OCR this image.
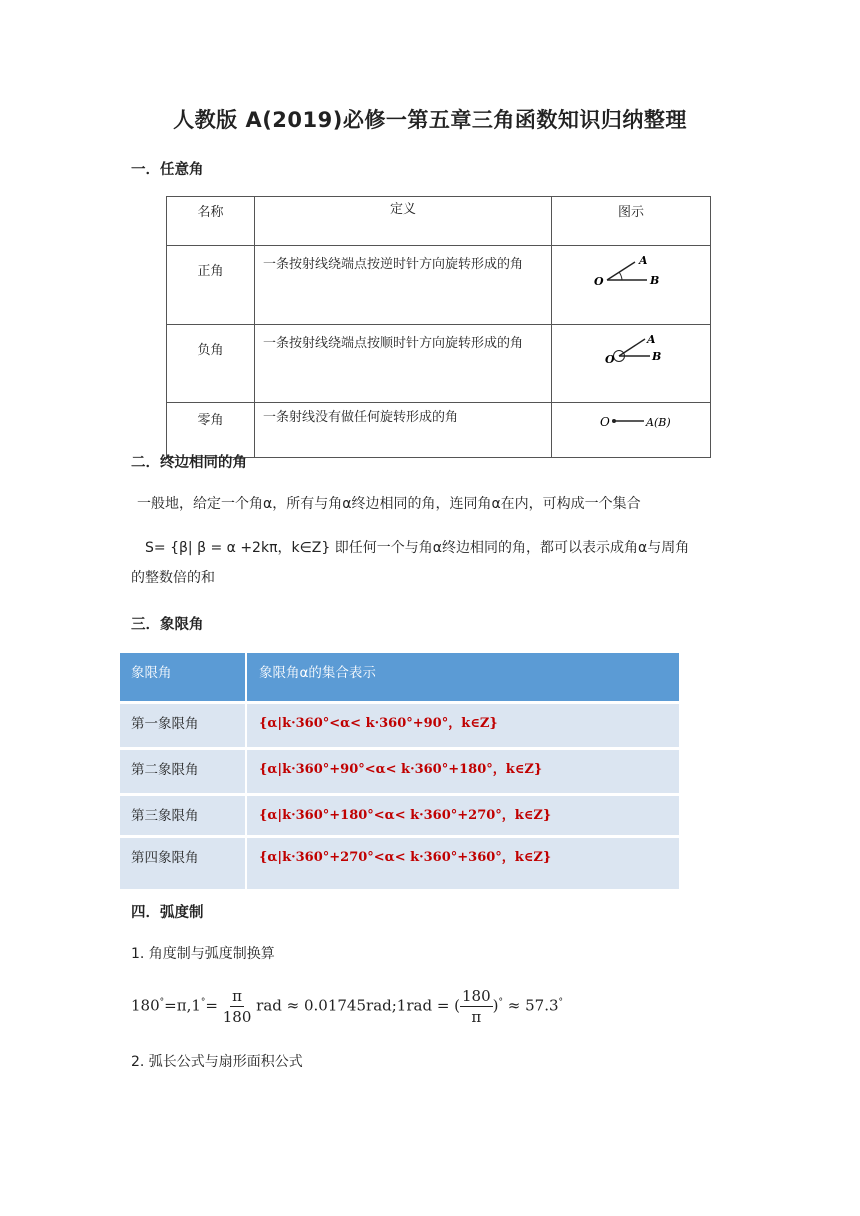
人教版 A(2019)必修一第五章三角函数知识归纳整理
一．任意角
名称	定义	图示
正角	一条按射线绕端点按逆时针方向旋转形成的角	O
A
B

负角	一条按射线绕端点按顺时针方向旋转形成的角	O
A
B

零角	一条射线没有做任何旋转形成的角	O A(B)
二．终边相同的角
一般地，给定一个角α，所有与角α终边相同的角，连同角α在内，可构成一个集合
S= {β| β = α +2kπ，k∈Z} 即任何一个与角α终边相同的角，都可以表示成角α与周角
的整数倍的和
三．象限角
象限角	象限角α的集合表示
第一象限角	{α|k·360°<α< k·360°+90°，k∈Z}
第二象限角	{α|k·360°+90°<α< k·360°+180°，k∈Z}
第三象限角	{α|k·360°+180°<α< k·360°+270°，k∈Z}
第四象限角	{α|k·360°+270°<α< k·360°+360°，k∈Z}
四．弧度制
1. 角度制与弧度制换算
$180^\circ=\pi,1^\circ= \frac{\pi}{180}$ rad ≈ 0.01745rad;1rad = ( $\frac{180}{\pi} )^\circ \approx 57.3^\circ$
2. 弧长公式与扇形面积公式
